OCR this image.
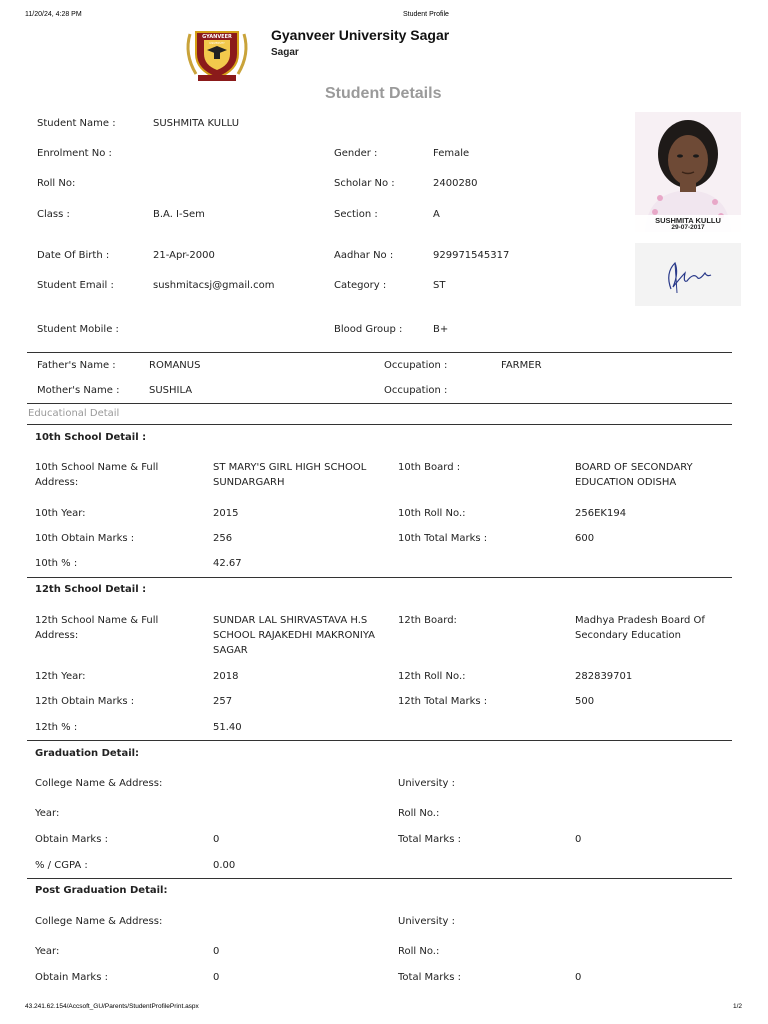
11/20/24, 4:28 PM	Student Profile
GYANVEER
UNIVERSITY
Gyanveer University Sagar
Sagar
Student Details
SUSHMITA KULLU
29-07-2017
Student Name :	SUSHMITA KULLU
Enrolment No :	Gender :	Female
Roll No:	Scholar No :	2400280
Class :	B.A. I-Sem	Section :	A
Date Of Birth :	21-Apr-2000	Aadhar No :	929971545317
Student Email :	sushmitacsj@gmail.com	Category :	ST
Student Mobile :	Blood Group :	B+
Father's Name :	ROMANUS	Occupation :	FARMER
Mother's Name :	SUSHILA	Occupation :
Educational Detail
10th School Detail :
10th School Name & Full Address:
ST MARY'S GIRL HIGH SCHOOL SUNDARGARH
10th Board :	BOARD OF SECONDARY EDUCATION ODISHA
10th Year:	2015	10th Roll No.:	256EK194
10th Obtain Marks :	256	10th Total Marks :	600
10th % :	42.67
12th School Detail :
12th School Name & Full Address:
SUNDAR LAL SHIRVASTAVA H.S SCHOOL RAJAKEDHI MAKRONIYA SAGAR
12th Board:	Madhya Pradesh Board Of Secondary Education
12th Year:	2018	12th Roll No.:	282839701
12th Obtain Marks :	257	12th Total Marks :	500
12th % :	51.40
Graduation Detail:
College Name & Address:	University :
Year:	Roll No.:
Obtain Marks :	0	Total Marks :	0
% / CGPA :	0.00
Post Graduation Detail:
College Name & Address:	University :
Year:	0	Roll No.:
Obtain Marks :	0	Total Marks :	0
43.241.62.154/Accsoft_GU/Parents/StudentProfilePrint.aspx	1/2
